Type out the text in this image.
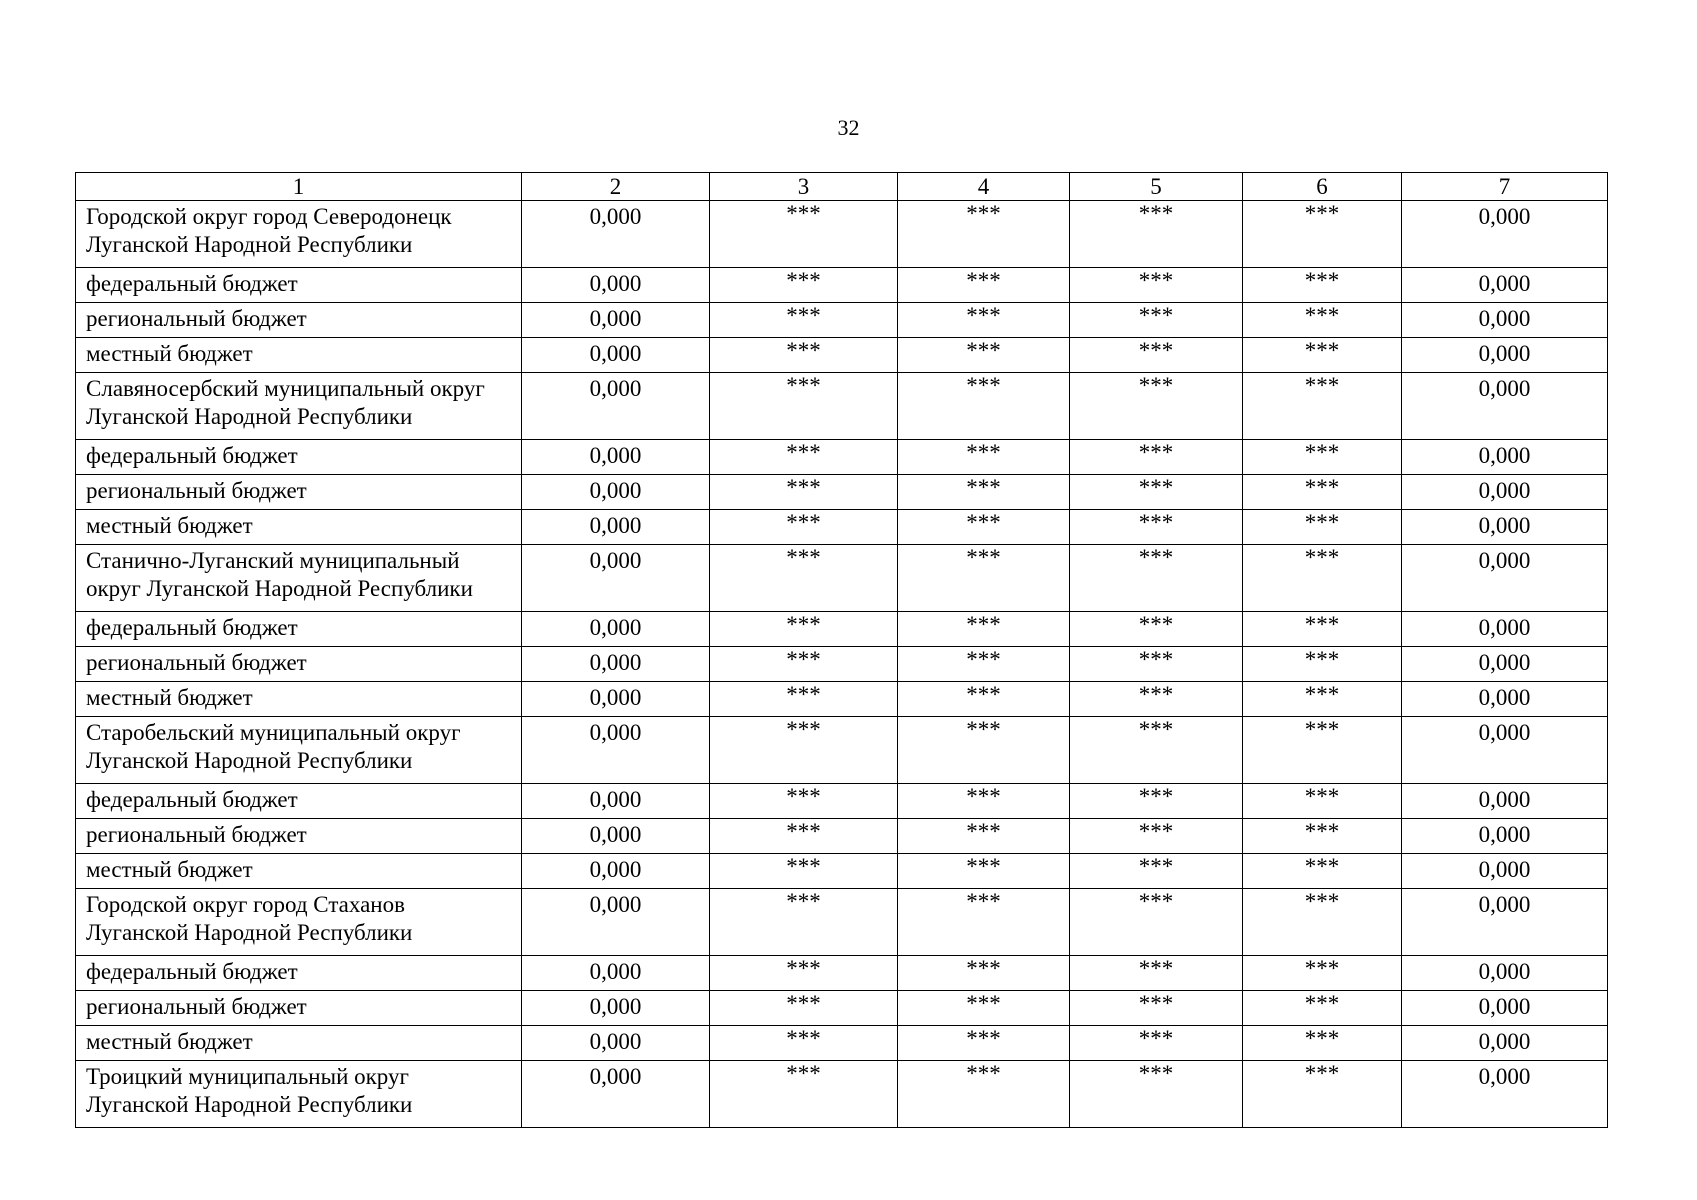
32
1	2	3	4	5	6	7
Городской округ город Северодонецк Луганской Народной Республики	0,000	***	***	***	***	0,000
федеральный бюджет	0,000	***	***	***	***	0,000
региональный бюджет	0,000	***	***	***	***	0,000
местный бюджет	0,000	***	***	***	***	0,000
Славяносербский муниципальный округ Луганской Народной Республики	0,000	***	***	***	***	0,000
федеральный бюджет	0,000	***	***	***	***	0,000
региональный бюджет	0,000	***	***	***	***	0,000
местный бюджет	0,000	***	***	***	***	0,000
Станично-Луганский муниципальный округ Луганской Народной Республики	0,000	***	***	***	***	0,000
федеральный бюджет	0,000	***	***	***	***	0,000
региональный бюджет	0,000	***	***	***	***	0,000
местный бюджет	0,000	***	***	***	***	0,000
Старобельский муниципальный округ Луганской Народной Республики	0,000	***	***	***	***	0,000
федеральный бюджет	0,000	***	***	***	***	0,000
региональный бюджет	0,000	***	***	***	***	0,000
местный бюджет	0,000	***	***	***	***	0,000
Городской округ город Стаханов Луганской Народной Республики	0,000	***	***	***	***	0,000
федеральный бюджет	0,000	***	***	***	***	0,000
региональный бюджет	0,000	***	***	***	***	0,000
местный бюджет	0,000	***	***	***	***	0,000
Троицкий муниципальный округ Луганской Народной Республики	0,000	***	***	***	***	0,000
